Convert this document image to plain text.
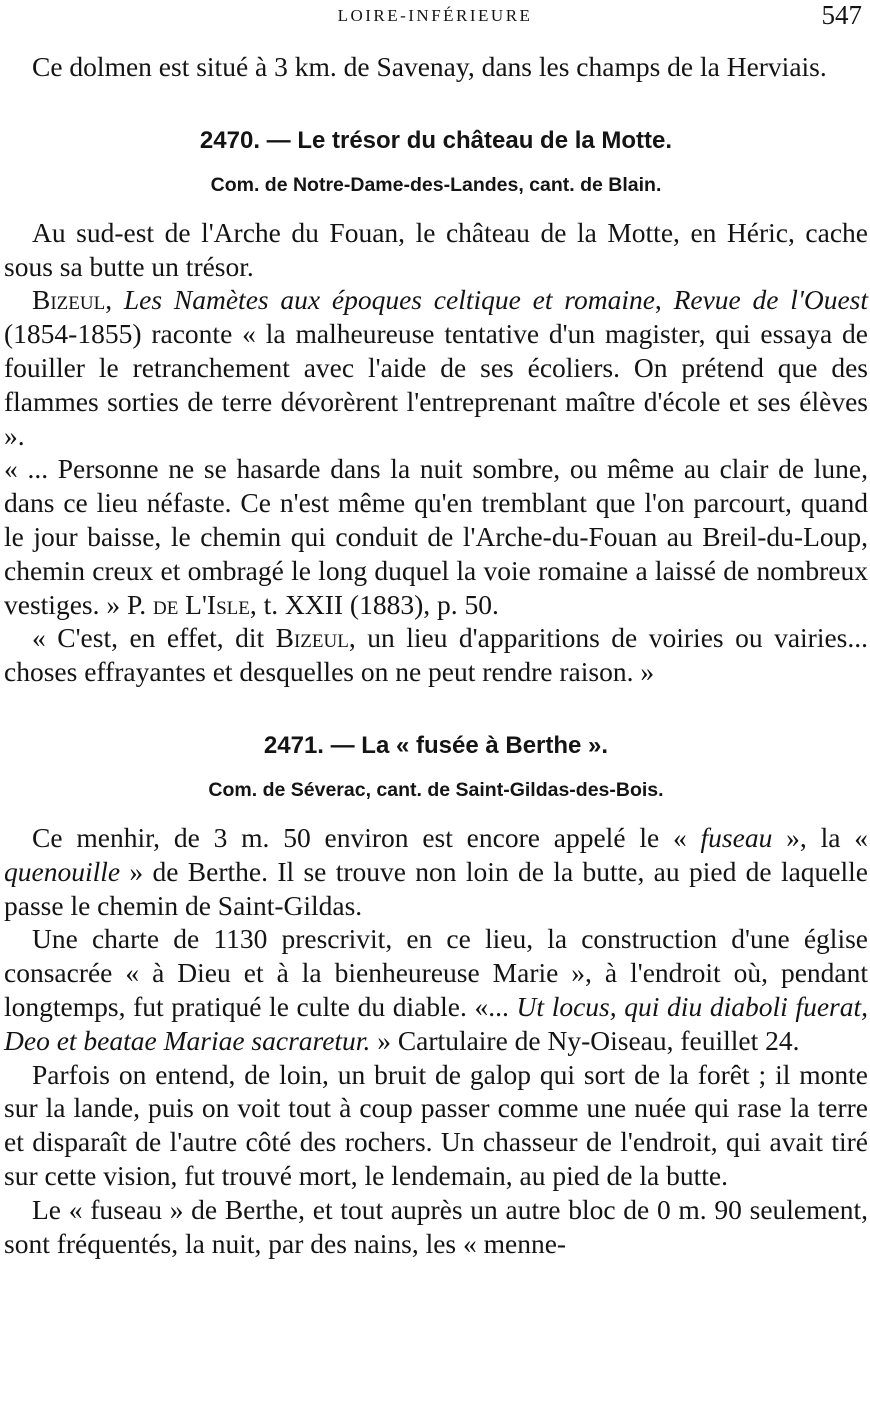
LOIRE-INFÉRIEURE	547

Ce dolmen est situé à 3 km. de Savenay, dans les champs de la Herviais.

2470. — Le trésor du château de la Motte.
Com. de Notre-Dame-des-Landes, cant. de Blain.

Au sud-est de l'Arche du Fouan, le château de la Motte, en Héric, cache sous sa butte un trésor.

Bizeul, Les Namètes aux époques celtique et romaine, Revue de l'Ouest (1854-1855) raconte « la malheureuse tentative d'un magister, qui essaya de fouiller le retranchement avec l'aide de ses écoliers. On prétend que des flammes sorties de terre dévorèrent l'entreprenant maître d'école et ses élèves ».

« ... Personne ne se hasarde dans la nuit sombre, ou même au clair de lune, dans ce lieu néfaste. Ce n'est même qu'en tremblant que l'on parcourt, quand le jour baisse, le chemin qui conduit de l'Arche-du-Fouan au Breil-du-Loup, chemin creux et ombragé le long duquel la voie romaine a laissé de nombreux vestiges. » P. de L'Isle, t. XXII (1883), p. 50.

« C'est, en effet, dit Bizeul, un lieu d'apparitions de voiries ou vairies... choses effrayantes et desquelles on ne peut rendre raison. »

2471. — La « fusée à Berthe ».
Com. de Séverac, cant. de Saint-Gildas-des-Bois.

Ce menhir, de 3 m. 50 environ est encore appelé le « fuseau », la « quenouille » de Berthe. Il se trouve non loin de la butte, au pied de laquelle passe le chemin de Saint-Gildas.

Une charte de 1130 prescrivit, en ce lieu, la construction d'une église consacrée « à Dieu et à la bienheureuse Marie », à l'endroit où, pendant longtemps, fut pratiqué le culte du diable. «... Ut locus, qui diu diaboli fuerat, Deo et beatae Mariae sacraretur. » Cartulaire de Ny-Oiseau, feuillet 24.

Parfois on entend, de loin, un bruit de galop qui sort de la forêt ; il monte sur la lande, puis on voit tout à coup passer comme une nuée qui rase la terre et disparaît de l'autre côté des rochers. Un chasseur de l'endroit, qui avait tiré sur cette vision, fut trouvé mort, le lendemain, au pied de la butte.

Le « fuseau » de Berthe, et tout auprès un autre bloc de 0 m. 90 seulement, sont fréquentés, la nuit, par des nains, les « menne-
